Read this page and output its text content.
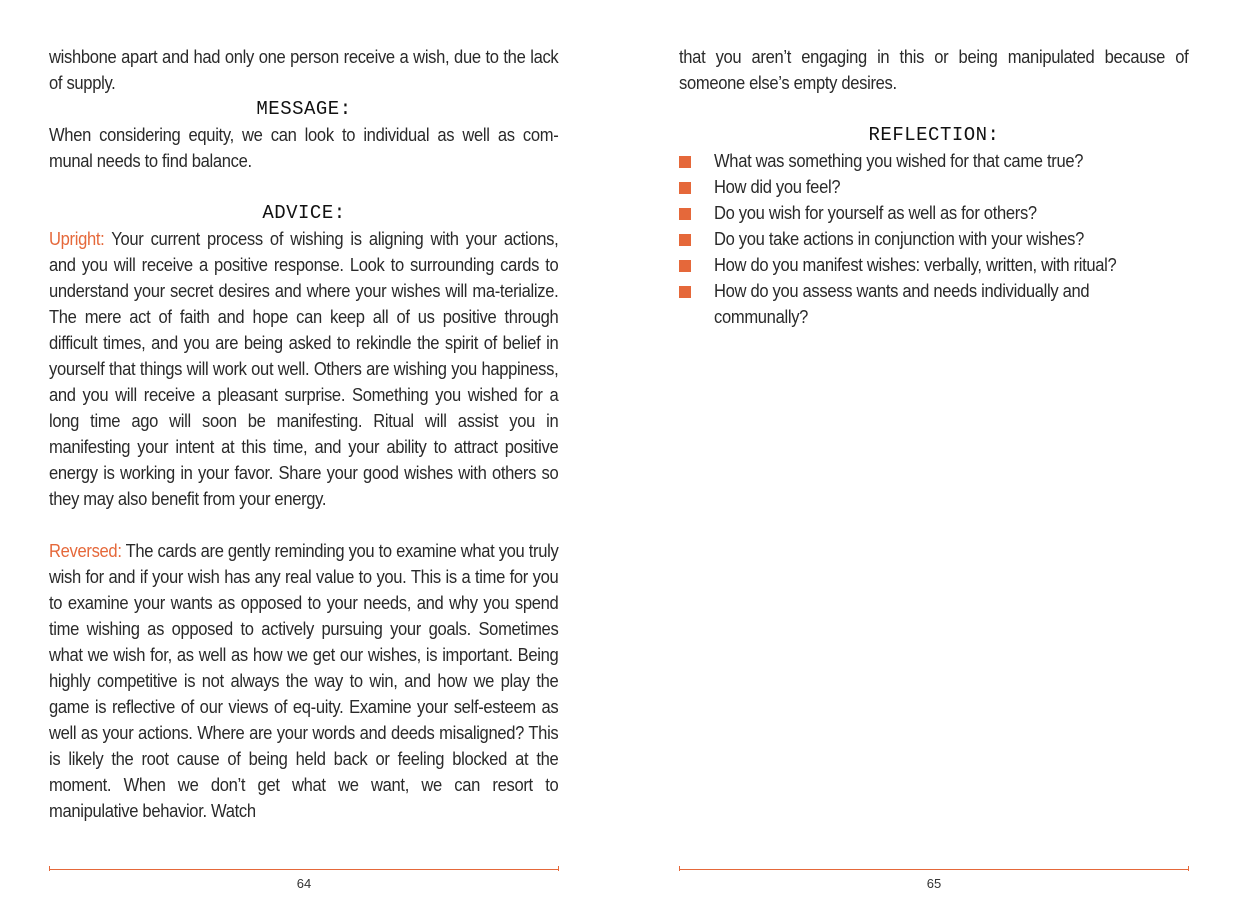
wishbone apart and had only one person receive a wish, due to the lack of supply.

MESSAGE:

When considering equity, we can look to individual as well as com-munal needs to find balance.

ADVICE:

Upright: Your current process of wishing is aligning with your actions, and you will receive a positive response. Look to surrounding cards to understand your secret desires and where your wishes will ma-terialize. The mere act of faith and hope can keep all of us positive through difficult times, and you are being asked to rekindle the spirit of belief in yourself that things will work out well. Others are wishing you happiness, and you will receive a pleasant surprise. Something you wished for a long time ago will soon be manifesting. Ritual will assist you in manifesting your intent at this time, and your ability to attract positive energy is working in your favor. Share your good wishes with others so they may also benefit from your energy.

Reversed: The cards are gently reminding you to examine what you truly wish for and if your wish has any real value to you. This is a time for you to examine your wants as opposed to your needs, and why you spend time wishing as opposed to actively pursuing your goals. Sometimes what we wish for, as well as how we get our wishes, is important. Being highly competitive is not always the way to win, and how we play the game is reflective of our views of eq-uity. Examine your self-esteem as well as your actions. Where are your words and deeds misaligned? This is likely the root cause of being held back or feeling blocked at the moment. When we don’t get what we want, we can resort to manipulative behavior. Watch

that you aren’t engaging in this or being manipulated because of someone else’s empty desires.

REFLECTION:
What was something you wished for that came true?
How did you feel?
Do you wish for yourself as well as for others?
Do you take actions in conjunction with your wishes?
How do you manifest wishes: verbally, written, with ritual?
How do you assess wants and needs individually and communally?
64	65
